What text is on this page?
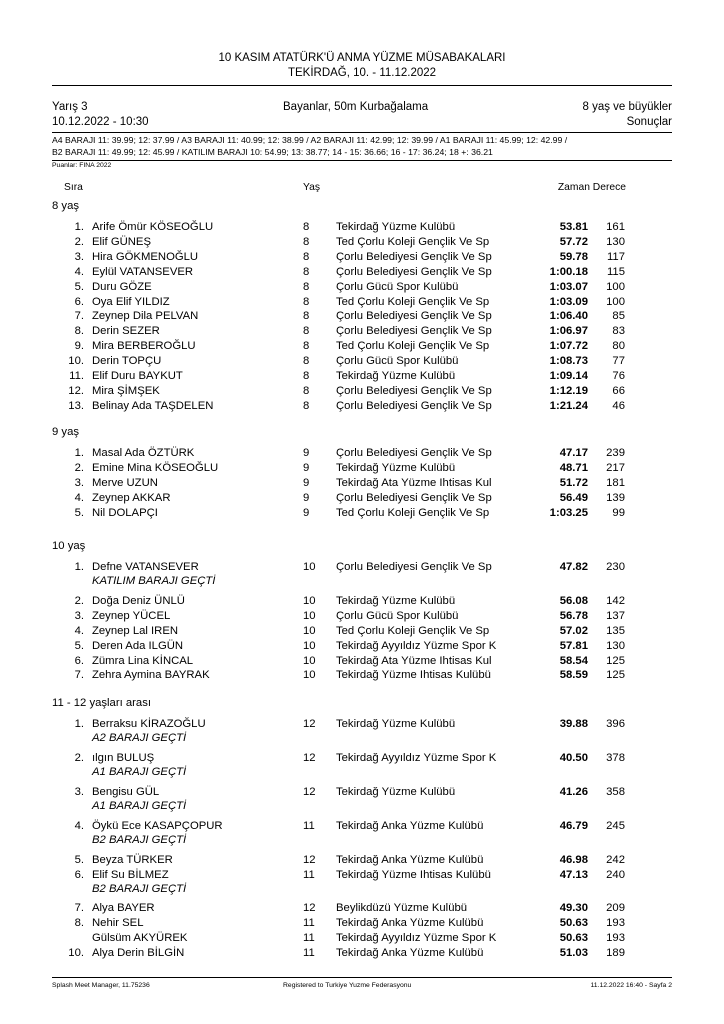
10 KASIM ATATÜRK'Ü ANMA YÜZME MÜSABAKALARI
TEKİRDAĞ, 10. - 11.12.2022
Yarış 3	Bayanlar, 50m Kurbağalama	8 yaş ve büyükler
10.12.2022 - 10:30	Sonuçlar
A4 BARAJI 11: 39.99; 12: 37.99 / A3 BARAJI 11: 40.99; 12: 38.99 / A2 BARAJI 11: 42.99; 12: 39.99 / A1 BARAJI 11: 45.99; 12: 42.99 /
B2 BARAJI 11: 49.99; 12: 45.99 / KATILIM BARAJI 10: 54.99; 13: 38.77; 14 - 15: 36.66; 16 - 17: 36.24; 18 +: 36.21
Puanlar: FINA 2022
Sıra	Yaş	Zaman Derece
8 yaş
1. Arife Ömür KÖSEOĞLU	8 Tekirdağ Yüzme Kulübü	53.81	161
2. Elif GÜNEŞ	8 Ted Çorlu Koleji Gençlik Ve Sp	57.72	130
3. Hira GÖKMENOĞLU	8 Çorlu Belediyesi Gençlik Ve Sp	59.78	117
4. Eylül VATANSEVER	8 Çorlu Belediyesi Gençlik Ve Sp	1:00.18	115
5. Duru GÖZE	8 Çorlu Gücü Spor Kulübü	1:03.07	100
6. Oya Elif YILDIZ	8 Ted Çorlu Koleji Gençlik Ve Sp	1:03.09	100
7. Zeynep Dila PELVAN	8 Çorlu Belediyesi Gençlik Ve Sp	1:06.40	85
8. Derin SEZER	8 Çorlu Belediyesi Gençlik Ve Sp	1:06.97	83
9. Mira BERBEROĞLU	8 Ted Çorlu Koleji Gençlik Ve Sp	1:07.72	80
10. Derin TOPÇU	8 Çorlu Gücü Spor Kulübü	1:08.73	77
11. Elif Duru BAYKUT	8 Tekirdağ Yüzme Kulübü	1:09.14	76
12. Mira ŞİMŞEK	8 Çorlu Belediyesi Gençlik Ve Sp	1:12.19	66
13. Belinay Ada TAŞDELEN	8 Çorlu Belediyesi Gençlik Ve Sp	1:21.24	46
9 yaş
1. Masal Ada ÖZTÜRK	9 Çorlu Belediyesi Gençlik Ve Sp	47.17	239
2. Emine Mina KÖSEOĞLU	9 Tekirdağ Yüzme Kulübü	48.71	217
3. Merve UZUN	9 Tekirdağ Ata Yüzme Ihtisas Kul	51.72	181
4. Zeynep AKKAR	9 Çorlu Belediyesi Gençlik Ve Sp	56.49	139
5. Nil DOLAPÇI	9 Ted Çorlu Koleji Gençlik Ve Sp	1:03.25	99
10 yaş
1. Defne VATANSEVER	10 Çorlu Belediyesi Gençlik Ve Sp	47.82	230
KATILIM BARAJI GEÇTİ
2. Doğa Deniz ÜNLÜ	10 Tekirdağ Yüzme Kulübü	56.08	142
3. Zeynep YÜCEL	10 Çorlu Gücü Spor Kulübü	56.78	137
4. Zeynep Lal IREN	10 Ted Çorlu Koleji Gençlik Ve Sp	57.02	135
5. Deren Ada ILGÜN	10 Tekirdağ Ayyıldız Yüzme Spor K	57.81	130
6. Zümra Lina KİNCAL	10 Tekirdağ Ata Yüzme Ihtisas Kul	58.54	125
7. Zehra Aymina BAYRAK	10 Tekirdağ Yüzme Ihtisas Kulübü	58.59	125
11 - 12 yaşları arası
1. Berraksu KİRAZOĞLU	12 Tekirdağ Yüzme Kulübü	39.88	396
A2 BARAJI GEÇTİ
2. ılgın BULUŞ	12 Tekirdağ Ayyıldız Yüzme Spor K	40.50	378
A1 BARAJI GEÇTİ
3. Bengisu GÜL	12 Tekirdağ Yüzme Kulübü	41.26	358
A1 BARAJI GEÇTİ
4. Öykü Ece KASAPÇOPUR	11 Tekirdağ Anka Yüzme Kulübü	46.79	245
B2 BARAJI GEÇTİ
5. Beyza TÜRKER	12 Tekirdağ Anka Yüzme Kulübü	46.98	242
6. Elif Su BİLMEZ	11 Tekirdağ Yüzme Ihtisas Kulübü	47.13	240
B2 BARAJI GEÇTİ
7. Alya BAYER	12 Beylikdüzü Yüzme Kulübü	49.30	209
8. Nehir SEL	11 Tekirdağ Anka Yüzme Kulübü	50.63	193
Gülsüm AKYÜREK	11 Tekirdağ Ayyıldız Yüzme Spor K	50.63	193
10. Alya Derin BİLGİN	11 Tekirdağ Anka Yüzme Kulübü	51.03	189
Splash Meet Manager, 11.75236	Registered to Turkiye Yuzme Federasyonu	11.12.2022 16:40 - Sayfa 2
